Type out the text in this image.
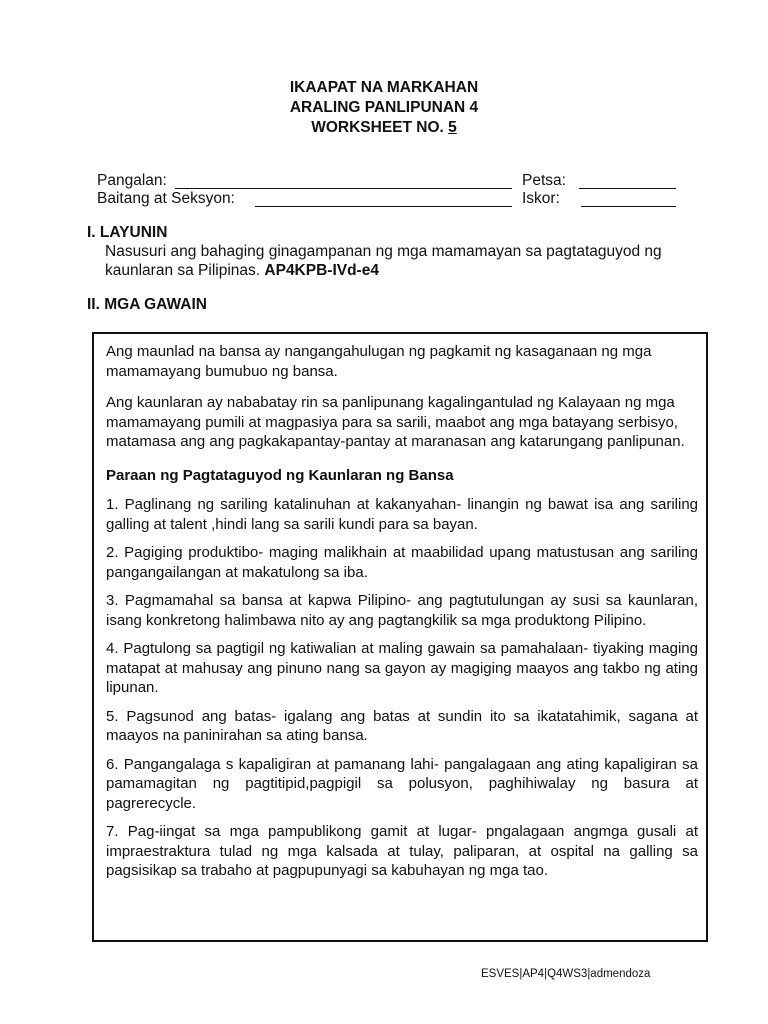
IKAAPAT NA MARKAHAN
ARALING PANLIPUNAN 4
WORKSHEET NO. 5
Pangalan:	Petsa:
Baitang at Seksyon:	Iskor:
I. LAYUNIN
Nasusuri ang bahaging ginagampanan ng mga mamamayan sa pagtataguyod ng kaunlaran sa Pilipinas. AP4KPB-IVd-e4
II. MGA GAWAIN

Ang maunlad na bansa ay nangangahulugan ng pagkamit ng kasaganaan ng mga mamamayang bumubuo ng bansa.

Ang kaunlaran ay nababatay rin sa panlipunang kagalingantulad ng Kalayaan ng mga mamamayang pumili at magpasiya para sa sarili, maabot ang mga batayang serbisyo, matamasa ang ang pagkakapantay-pantay at maranasan ang katarungang panlipunan.

Paraan ng Pagtataguyod ng Kaunlaran ng Bansa

1. Paglinang ng sariling katalinuhan at kakanyahan- linangin ng bawat isa ang sariling galling at talent ,hindi lang sa sarili kundi para sa bayan.

2. Pagiging produktibo- maging malikhain at maabilidad upang matustusan ang sariling pangangailangan at makatulong sa iba.

3. Pagmamahal sa bansa at kapwa Pilipino- ang pagtutulungan ay susi sa kaunlaran, isang konkretong halimbawa nito ay ang pagtangkilik sa mga produktong Pilipino.

4. Pagtulong sa pagtigil ng katiwalian at maling gawain sa pamahalaan- tiyaking maging matapat at mahusay ang pinuno nang sa gayon ay magiging maayos ang takbo ng ating lipunan.

5. Pagsunod ang batas- igalang ang batas at sundin ito sa ikatatahimik, sagana at maayos na paninirahan sa ating bansa.

6. Pangangalaga s kapaligiran at pamanang lahi- pangalagaan ang ating kapaligiran sa pamamagitan ng pagtitipid,pagpigil sa polusyon, paghihiwalay ng basura at pagrerecycle.

7. Pag-iingat sa mga pampublikong gamit at lugar- pngalagaan angmga gusali at impraestraktura tulad ng mga kalsada at tulay, paliparan, at ospital na galling sa pagsisikap sa trabaho at pagpupunyagi sa kabuhayan ng mga tao.

ESVES|AP4|Q4WS3|admendoza
